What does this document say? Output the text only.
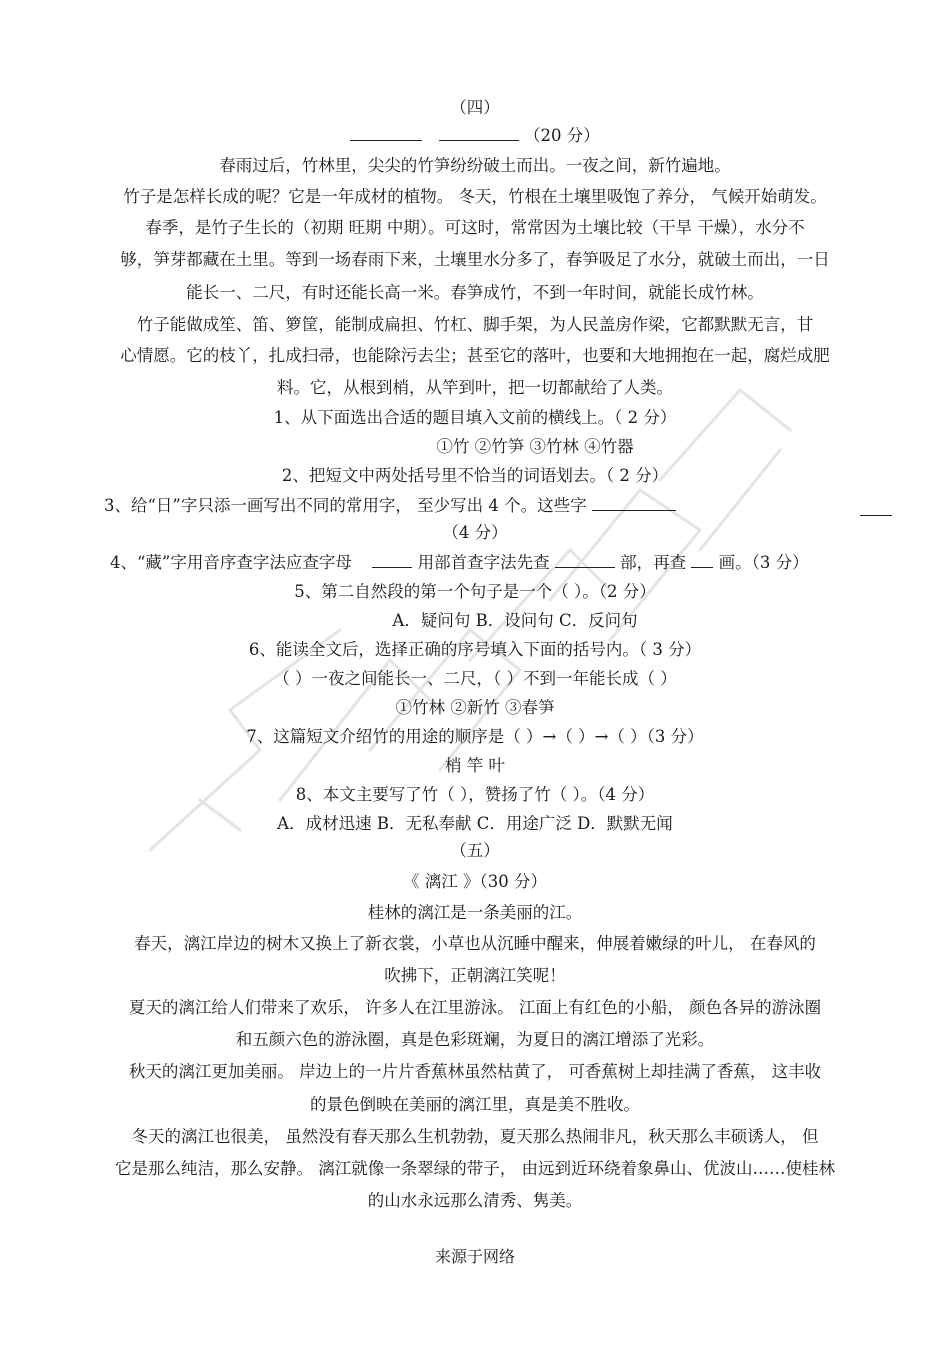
（四）
（20 分）
春雨过后，竹林里，尖尖的竹笋纷纷破土而出。一夜之间，新竹遍地。
竹子是怎样长成的呢？它是一年成材的植物。 冬天，竹根在土壤里吸饱了养分， 气候开始萌发。
春季，是竹子生长的（初期 旺期 中期）。可这时，常常因为土壤比较（干旱 干燥），水分不
够，笋芽都藏在土里。等到一场春雨下来，土壤里水分多了，春笋吸足了水分，就破土而出，一日
能长一、二尺，有时还能长高一米。春笋成竹，不到一年时间，就能长成竹林。
竹子能做成笙、笛、箩筐，能制成扁担、竹杠、脚手架，为人民盖房作梁，它都默默无言，甘
心情愿。它的枝丫，扎成扫帚，也能除污去尘；甚至它的落叶，也要和大地拥抱在一起，腐烂成肥
料。它，从根到梢，从竿到叶，把一切都献给了人类。
1、从下面选出合适的题目填入文前的横线上。（ 2 分）
①竹 ②竹笋 ③竹林 ④竹器
2、把短文中两处括号里不恰当的词语划去。（ 2 分）
3、给“日”字只添一画写出不同的常用字， 至少写出 4 个。这些字
（4 分）
4、“藏”字用音序查字法应查字母	用部首查字法先查	部，再查 画。（3 分）
5、第二自然段的第一个句子是一个（ ）。（2 分）
A．疑问句 B．设问句 C．反问句
6、能读全文后，选择正确的序号填入下面的括号内。（ 3 分）
（ ）一夜之间能长一、二尺，（ ）不到一年能长成（ ）
①竹林 ②新竹 ③春笋
7、这篇短文介绍竹的用途的顺序是（ ）→（ ）→（ ）（3 分）
梢 竿 叶
8、本文主要写了竹（ ），赞扬了竹（ ）。（4 分）
A．成材迅速 B．无私奉献 C．用途广泛 D．默默无闻
（五）
《 漓江 》（30 分）
桂林的漓江是一条美丽的江。
春天，漓江岸边的树木又换上了新衣裳，小草也从沉睡中醒来，伸展着嫩绿的叶儿， 在春风的
吹拂下，正朝漓江笑呢！
夏天的漓江给人们带来了欢乐， 许多人在江里游泳。 江面上有红色的小船， 颜色各异的游泳圈
和五颜六色的游泳圈，真是色彩斑斓，为夏日的漓江增添了光彩。
秋天的漓江更加美丽。 岸边上的一片片香蕉林虽然枯黄了， 可香蕉树上却挂满了香蕉， 这丰收
的景色倒映在美丽的漓江里，真是美不胜收。
冬天的漓江也很美， 虽然没有春天那么生机勃勃，夏天那么热闹非凡，秋天那么丰硕诱人， 但
它是那么纯洁，那么安静。 漓江就像一条翠绿的带子， 由远到近环绕着象鼻山、优波山……使桂林
的山水永远那么清秀、隽美。
来源于网络
